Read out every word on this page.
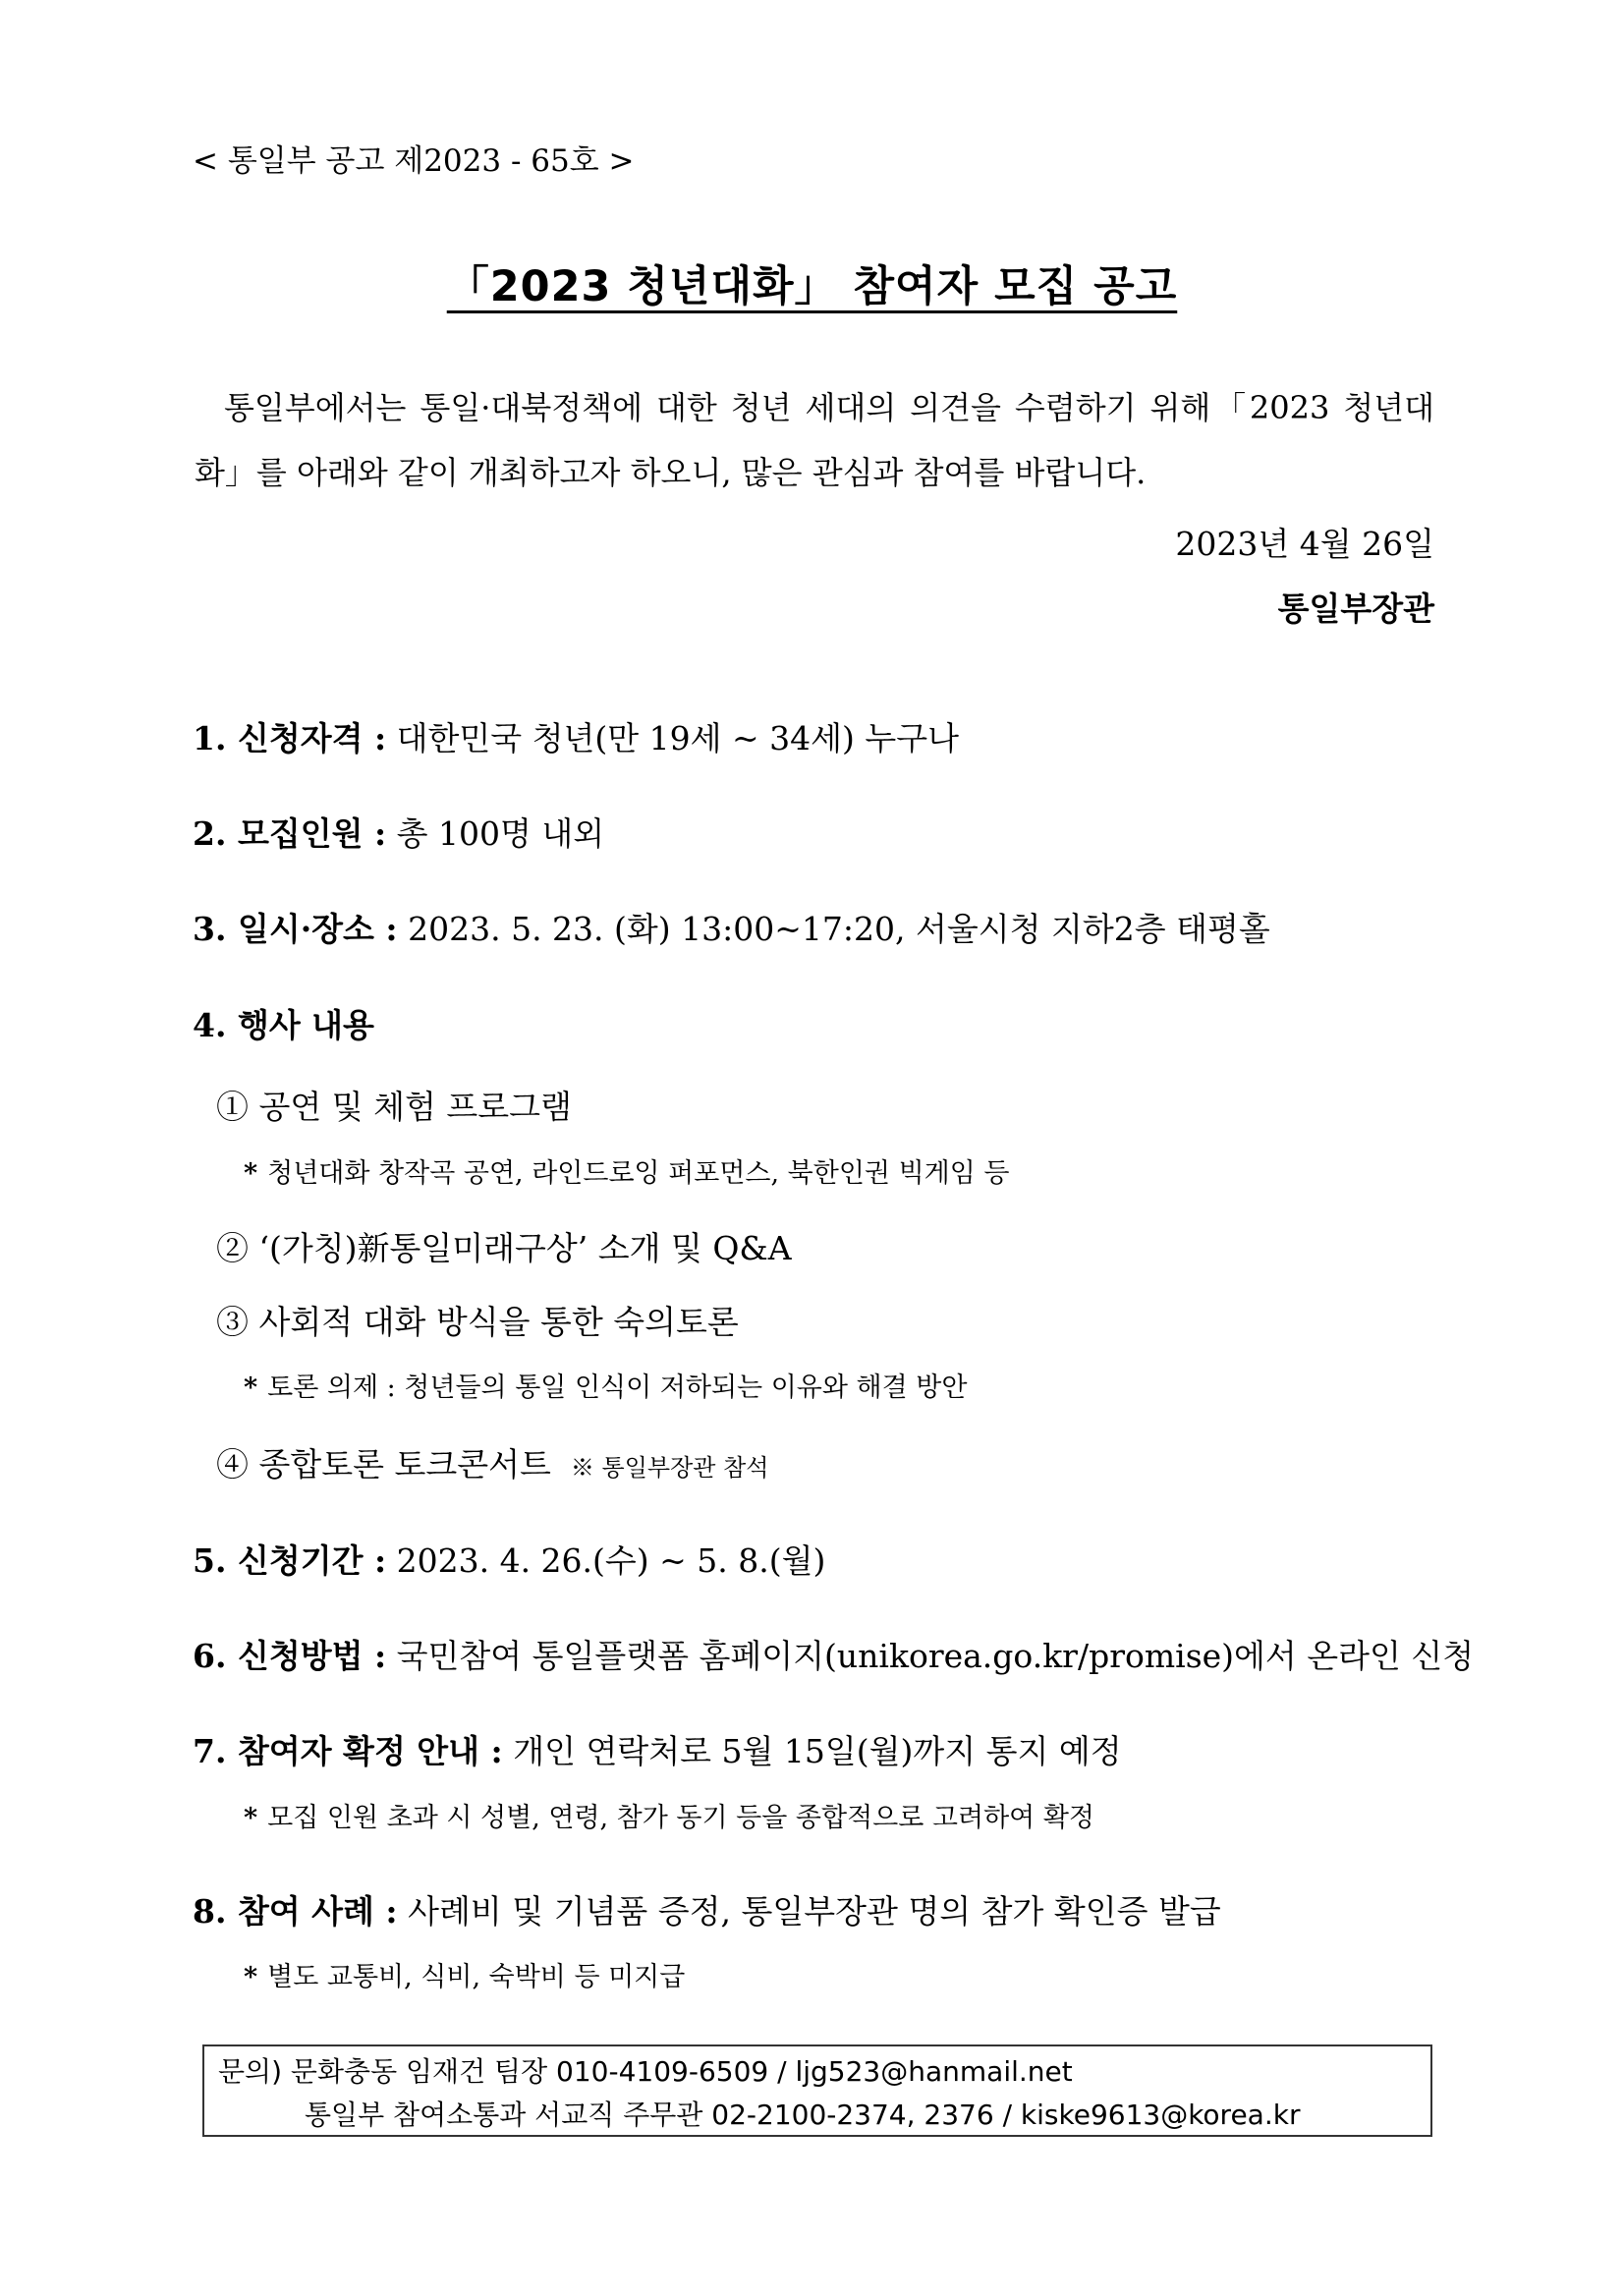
< 통일부 공고 제2023 - 65호 >
「2023 청년대화」 참여자 모집 공고
통일부에서는 통일·대북정책에 대한 청년 세대의 의견을 수렴하기 위해「2023 청년대화」를 아래와 같이 개최하고자 하오니, 많은 관심과 참여를 바랍니다.
2023년 4월 26일
통일부장관
1. 신청자격 : 대한민국 청년(만 19세 ~ 34세) 누구나
2. 모집인원 : 총 100명 내외
3. 일시·장소 : 2023. 5. 23. (화) 13:00~17:20, 서울시청 지하2층 태평홀
4. 행사 내용
① 공연 및 체험 프로그램
* 청년대화 창작곡 공연, 라인드로잉 퍼포먼스, 북한인권 빅게임 등
② ‘(가칭)新통일미래구상’ 소개 및 Q&A
③ 사회적 대화 방식을 통한 숙의토론
* 토론 의제 : 청년들의 통일 인식이 저하되는 이유와 해결 방안
④ 종합토론 토크콘서트 ※ 통일부장관 참석
5. 신청기간 : 2023. 4. 26.(수) ~ 5. 8.(월)
6. 신청방법 : 국민참여 통일플랫폼 홈페이지(unikorea.go.kr/promise)에서 온라인 신청
7. 참여자 확정 안내 : 개인 연락처로 5월 15일(월)까지 통지 예정
* 모집 인원 초과 시 성별, 연령, 참가 동기 등을 종합적으로 고려하여 확정
8. 참여 사례 : 사례비 및 기념품 증정, 통일부장관 명의 참가 확인증 발급
* 별도 교통비, 식비, 숙박비 등 미지급
문의) 문화충동 임재건 팀장 010-4109-6509 / ljg523@hanmail.net
통일부 참여소통과 서교직 주무관 02-2100-2374, 2376 / kiske9613@korea.kr
